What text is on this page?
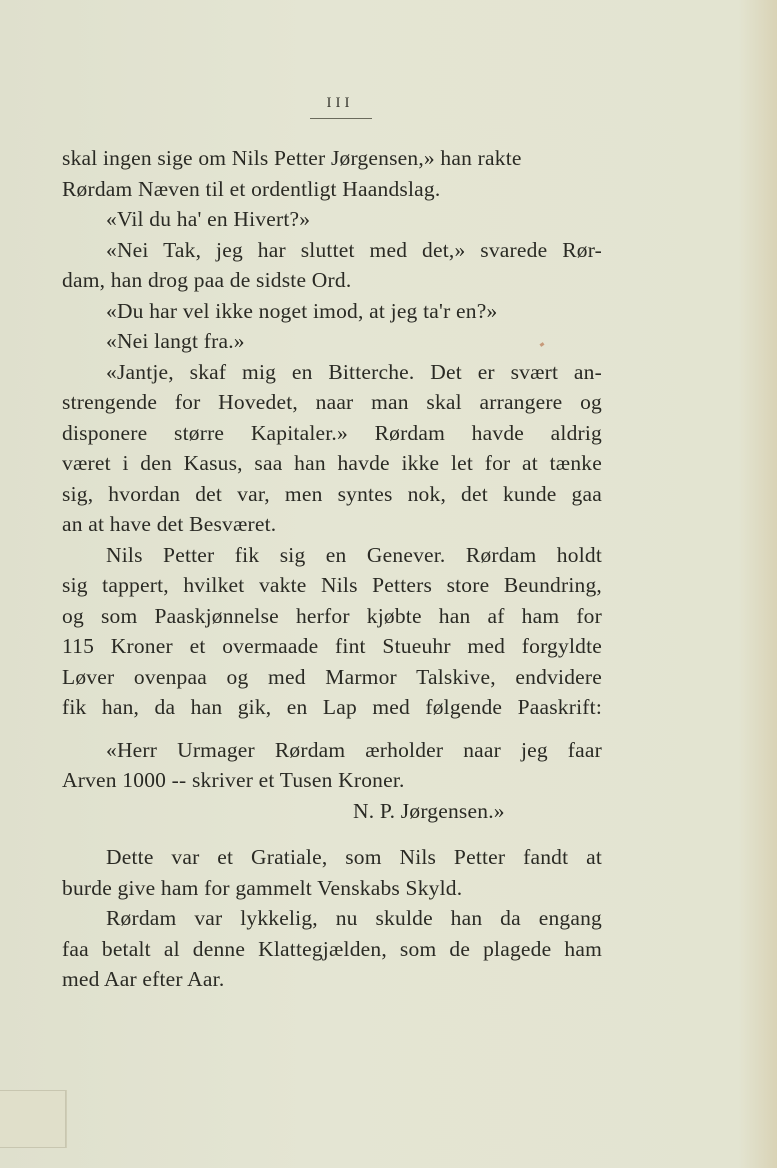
III
skal ingen sige om Nils Petter Jørgensen,» han rakte
Rørdam Næven til et ordentligt Haandslag.
«Vil du ha' en Hivert?»
«Nei Tak, jeg har sluttet med det,» svarede Rør-
dam, han drog paa de sidste Ord.
«Du har vel ikke noget imod, at jeg ta'r en?»
«Nei langt fra.»
«Jantje, skaf mig en Bitterche. Det er svært an-
strengende for Hovedet, naar man skal arrangere og
disponere større Kapitaler.» Rørdam havde aldrig
været i den Kasus, saa han havde ikke let for at tænke
sig, hvordan det var, men syntes nok, det kunde gaa
an at have det Besværet.
Nils Petter fik sig en Genever. Rørdam holdt
sig tappert, hvilket vakte Nils Petters store Beundring,
og som Paaskjønnelse herfor kjøbte han af ham for
115 Kroner et overmaade fint Stueuhr med forgyldte
Løver ovenpaa og med Marmor Talskive, endvidere
fik han, da han gik, en Lap med følgende Paaskrift:
«Herr Urmager Rørdam ærholder naar jeg faar
Arven 1000 -- skriver et Tusen Kroner.
N. P. Jørgensen.»
Dette var et Gratiale, som Nils Petter fandt at
burde give ham for gammelt Venskabs Skyld.
Rørdam var lykkelig, nu skulde han da engang
faa betalt al denne Klattegjælden, som de plagede ham
med Aar efter Aar.
